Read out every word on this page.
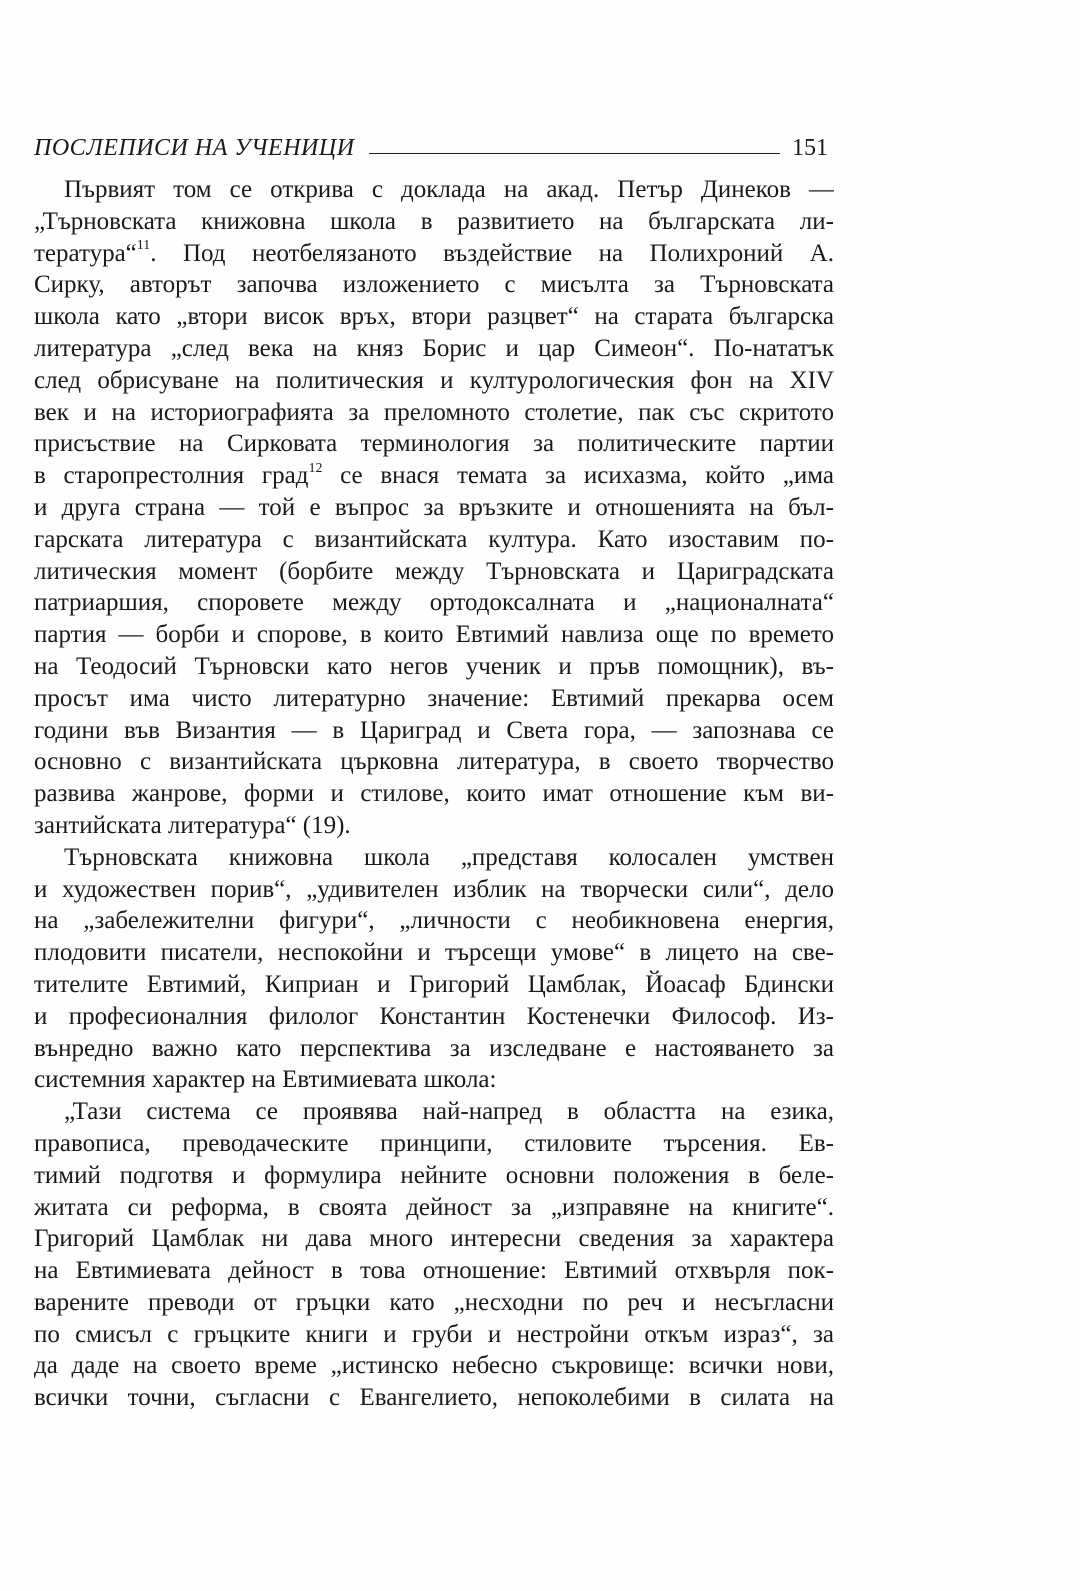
ПОСЛЕПИСИ НА УЧЕНИЦИ	151
Първият том се открива с доклада на акад. Петър Динеков —
„Търновската книжовна школа в развитието на българската ли-
тература“$^{11}$. Под неотбелязаното въздействие на Полихроний А.
Сирку, авторът започва изложението с мисълта за Търновската
школа като „втори висок връх, втори разцвет“ на старата българска
литература „след века на княз Борис и цар Симеон“. По-нататък
след обрисуване на политическия и културологическия фон на XIV
век и на историографията за преломното столетие, пак със скритото
присъствие на Сирковата терминология за политическите партии
в старопрестолния град$^{12}$ се внася темата за исихазма, който „има
и друга страна — той е въпрос за връзките и отношенията на бъл-
гарската литература с византийската култура. Като изоставим по-
литическия момент (борбите между Търновската и Цариградската
патриаршия, споровете между ортодоксалната и „националната“
партия — борби и спорове, в които Евтимий навлиза още по времето
на Теодосий Търновски като негов ученик и пръв помощник), въ-
просът има чисто литературно значение: Евтимий прекарва осем
години във Византия — в Цариград и Света гора, — запознава се
основно с византийската църковна литература, в своето творчество
развива жанрове, форми и стилове, които имат отношение към ви-
зантийската литература“ (19).
Търновската книжовна школа „представя колосален умствен
и художествен порив“, „удивителен изблик на творчески сили“, дело
на „забележителни фигури“, „личности с необикновена енергия,
плодовити писатели, неспокойни и търсещи умове“ в лицето на све-
тителите Евтимий, Киприан и Григорий Цамблак, Йоасаф Бдински
и професионалния филолог Константин Костенечки Философ. Из-
вънредно важно като перспектива за изследване е настояването за
системния характер на Евтимиевата школа:
„Тази система се проявява най-напред в областта на езика,
правописа, преводаческите принципи, стиловите търсения. Ев-
тимий подготвя и формулира нейните основни положения в беле-
житата си реформа, в своята дейност за „изправяне на книгите“.
Григорий Цамблак ни дава много интересни сведения за характера
на Евтимиевата дейност в това отношение: Евтимий отхвърля пок-
варените преводи от гръцки като „несходни по реч и несъгласни
по смисъл с гръцките книги и груби и нестройни откъм израз“, за
да даде на своето време „истинско небесно съкровище: всички нови,
всички точни, съгласни с Евангелието, непоколебими в силата на
